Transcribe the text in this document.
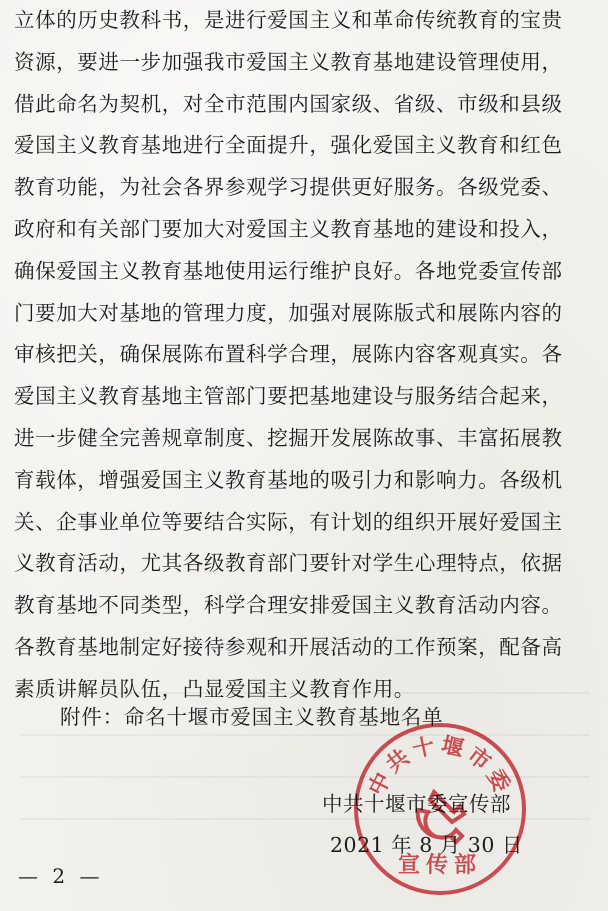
立体的历史教科书，是进行爱国主义和革命传统教育的宝贵
资源，要进一步加强我市爱国主义教育基地建设管理使用，
借此命名为契机，对全市范围内国家级、省级、市级和县级
爱国主义教育基地进行全面提升，强化爱国主义教育和红色
教育功能，为社会各界参观学习提供更好服务。各级党委、
政府和有关部门要加大对爱国主义教育基地的建设和投入，
确保爱国主义教育基地使用运行维护良好。各地党委宣传部
门要加大对基地的管理力度，加强对展陈版式和展陈内容的
审核把关，确保展陈布置科学合理，展陈内容客观真实。各
爱国主义教育基地主管部门要把基地建设与服务结合起来，
进一步健全完善规章制度、挖掘开发展陈故事、丰富拓展教
育载体，增强爱国主义教育基地的吸引力和影响力。各级机
关、企事业单位等要结合实际，有计划的组织开展好爱国主
义教育活动，尤其各级教育部门要针对学生心理特点，依据
教育基地不同类型，科学合理安排爱国主义教育活动内容。
各教育基地制定好接待参观和开展活动的工作预案，配备高
素质讲解员队伍，凸显爱国主义教育作用。
附件：命名十堰市爱国主义教育基地名单
中共十堰市委宣传部
2021 年 8 月 30 日
中共十堰市委
宣传部
— 2 —
